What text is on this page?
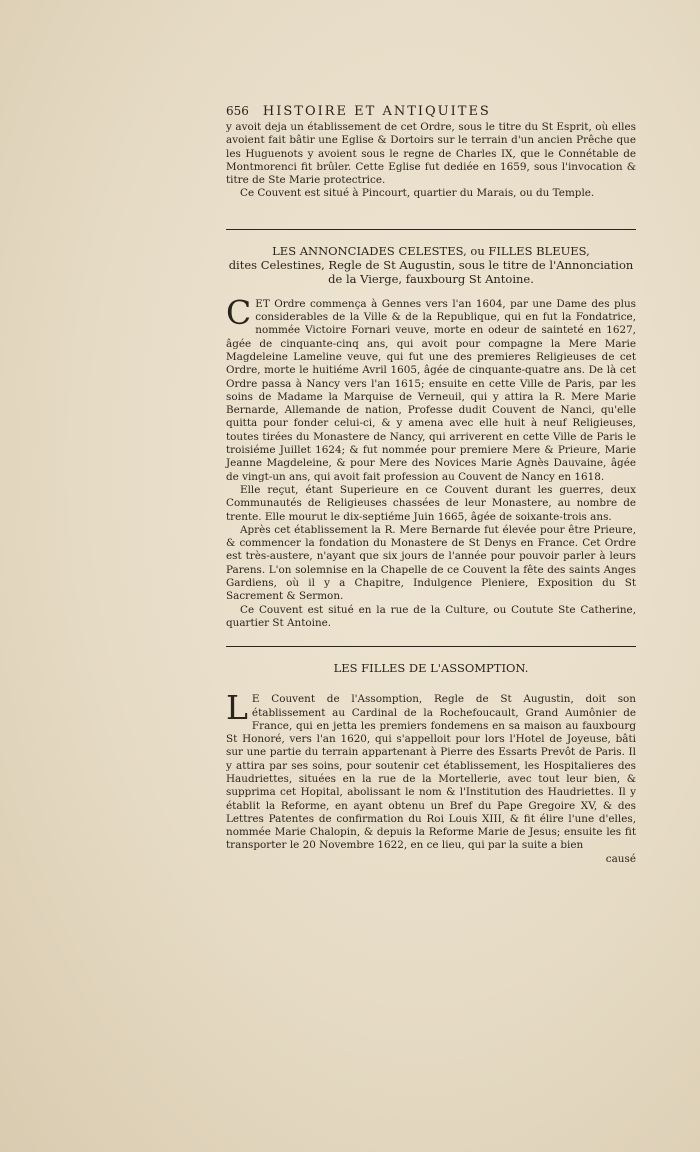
656 HISTOIRE ET ANTIQUITES

y avoit deja un établissement de cet Ordre, sous le titre du St Esprit, où elles avoient fait bâtir une Eglise & Dortoirs sur le terrain d'un ancien Prêche que les Huguenots y avoient sous le regne de Charles IX, que le Connétable de Montmorenci fit brûler. Cette Eglise fut dediée en 1659, sous l'invocation & titre de Ste Marie protectrice.

Ce Couvent est situé à Pincourt, quartier du Marais, ou du Temple.

LES ANNONCIADES CELESTES, ou FILLES BLEUES,

dites Celestines, Regle de St Augustin, sous le titre de l'Annonciation

de la Vierge, fauxbourg St Antoine.

C ET Ordre commença à Gennes vers l'an 1604, par une Dame des plus considerables de la Ville & de la Republique, qui en fut la Fondatrice, nommée Victoire Fornari veuve, morte en odeur de sainteté en 1627, âgée de cinquante-cinq ans, qui avoit pour compagne la Mere Marie Magdeleine Lameline veuve, qui fut une des premieres Religieuses de cet Ordre, morte le huitiéme Avril 1605, âgée de cinquante-quatre ans. De là cet Ordre passa à Nancy vers l'an 1615; ensuite en cette Ville de Paris, par les soins de Madame la Marquise de Verneuil, qui y attira la R. Mere Marie Bernarde, Allemande de nation, Professe dudit Couvent de Nanci, qu'elle quitta pour fonder celui-ci, & y amena avec elle huit à neuf Religieuses, toutes tirées du Monastere de Nancy, qui arriverent en cette Ville de Paris le troisiéme Juillet 1624; & fut nommée pour premiere Mere & Prieure, Marie Jeanne Magdeleine, & pour Mere des Novices Marie Agnès Dauvaine, âgée de vingt-un ans, qui avoit fait profession au Couvent de Nancy en 1618.

Elle reçut, étant Superieure en ce Couvent durant les guerres, deux Communautés de Religieuses chassées de leur Monastere, au nombre de trente. Elle mourut le dix-septiéme Juin 1665, âgée de soixante-trois ans.

Après cet établissement la R. Mere Bernarde fut élevée pour être Prieure, & commencer la fondation du Monastere de St Denys en France. Cet Ordre est très-austere, n'ayant que six jours de l'année pour pouvoir parler à leurs Parens. L'on solemnise en la Chapelle de ce Couvent la fête des saints Anges Gardiens, où il y a Chapitre, Indulgence Pleniere, Exposition du St Sacrement & Sermon.

Ce Couvent est situé en la rue de la Culture, ou Coutute Ste Catherine, quartier St Antoine.

LES FILLES DE L'ASSOMPTION.

L E Couvent de l'Assomption, Regle de St Augustin, doit son établissement au Cardinal de la Rochefoucault, Grand Aumônier de France, qui en jetta les premiers fondemens en sa maison au fauxbourg St Honoré, vers l'an 1620, qui s'appelloit pour lors l'Hotel de Joyeuse, bâti sur une partie du terrain appartenant à Pierre des Essarts Prevôt de Paris. Il y attira par ses soins, pour soutenir cet établissement, les Hospitalieres des Haudriettes, situées en la rue de la Mortellerie, avec tout leur bien, & supprima cet Hopital, abolissant le nom & l'Institution des Haudriettes. Il y établit la Reforme, en ayant obtenu un Bref du Pape Gregoire XV, & des Lettres Patentes de confirmation du Roi Louis XIII, & fit élire l'une d'elles, nommée Marie Chalopin, & depuis la Reforme Marie de Jesus; ensuite les fit transporter le 20 Novembre 1622, en ce lieu, qui par la suite a bien

causé
